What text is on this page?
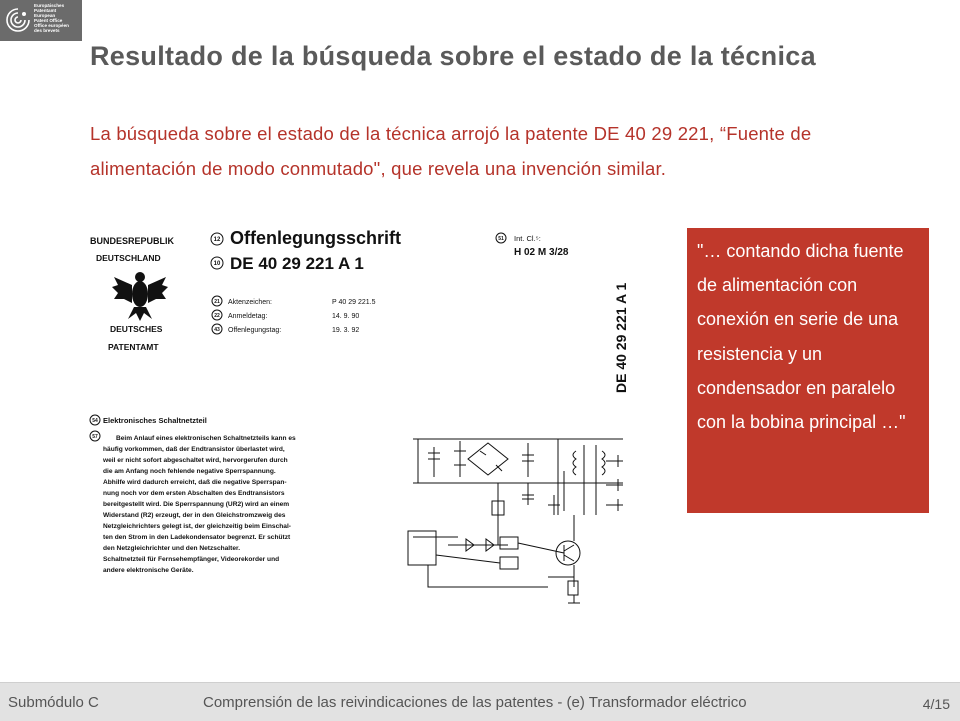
Europäisches
Patentamt
European
Patent Office
Office européen
des brevets
Resultado de la búsqueda sobre el estado de la técnica
La búsqueda sobre el estado de la técnica arrojó la patente DE 40 29 221, “Fuente de alimentación de modo conmutado", que revela una invención similar.
BUNDESREPUBLIK
DEUTSCHLAND
DEUTSCHES
PATENTAMT
12
10
51
21
22
43
54
57
Offenlegungsschrift
DE 40 29 221 A 1
Int. Cl.⁵:
H 02 M 3/28
Aktenzeichen:	P 40 29 221.5
Anmeldetag:	14. 9. 90
Offenlegungstag:	19. 3. 92	DE 40 29 221 A 1
Elektronisches Schaltnetzteil
Beim Anlauf eines elektronischen Schaltnetzteils kann es
häufig vorkommen, daß der Endtransistor überlastet wird,
weil er nicht sofort abgeschaltet wird, hervorgerufen durch
die am Anfang noch fehlende negative Sperrspannung.
Abhilfe wird dadurch erreicht, daß die negative Sperrspan-
nung noch vor dem ersten Abschalten des Endtransistors
bereitgestellt wird. Die Sperrspannung (UR2) wird an einem
Widerstand (R2) erzeugt, der in den Gleichstromzweig des
Netzgleichrichters gelegt ist, der gleichzeitig beim Einschal-
ten den Strom in den Ladekondensator begrenzt. Er schützt
den Netzgleichrichter und den Netzschalter.
Schaltnetzteil für Fernsehempfänger, Videorekorder und
andere elektronische Geräte.
"… contando dicha fuente de alimentación con conexión en serie de una resistencia y un condensador en paralelo con la bobina principal …"
Submódulo C	Comprensión de las reivindicaciones de las patentes - (e) Transformador eléctrico	4/15
